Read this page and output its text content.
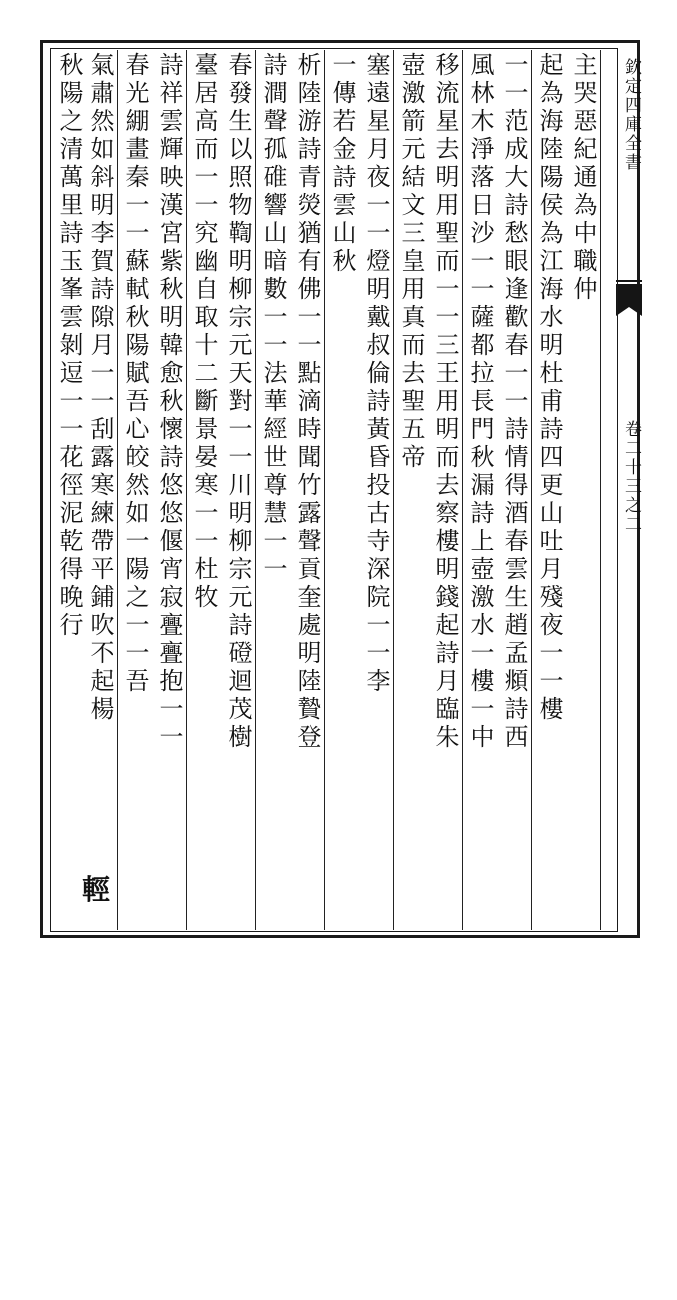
欽定四庫全書
卷二十三之二
主哭惡紀通為中職仲
起為海陸陽侯為江海水明杜甫詩四更山吐月殘夜一一樓
一一范成大詩愁眼逢歡春一一詩情得酒春雲生趙孟頫詩西
風林木淨落日沙一一薩都拉長門秋漏詩上壺激水一樓一中
移流星去明用聖而一一三王用明而去察樓明錢起詩月臨朱
壺激箭元結文三皇用真而去聖五帝
塞遠星月夜一一燈明戴叔倫詩黃昏投古寺深院一一李
一傳若金詩雲山秋
析陸游詩青熒猶有佛一一點滴時聞竹露聲貢奎處明陸贄登
詩澗聲孤碓響山暗數一一法華經世尊慧一一
春發生以照物鞫明柳宗元天對一一川明柳宗元詩磴迴茂樹
臺居高而一一究幽自取十二斷景晏寒一一杜牧
詩祥雲輝映漢宮紫秋明韓愈秋懷詩悠悠偃宵寂亹亹抱一一
春光綳畫秦一一蘇軾秋陽賦吾心皎然如一陽之一一吾
氣肅然如斜明李賀詩隙月一一刮露寒練帶平鋪吹不起楊
秋陽之清萬里詩玉峯雲剝逗一一花徑泥乾得晚行
輕
